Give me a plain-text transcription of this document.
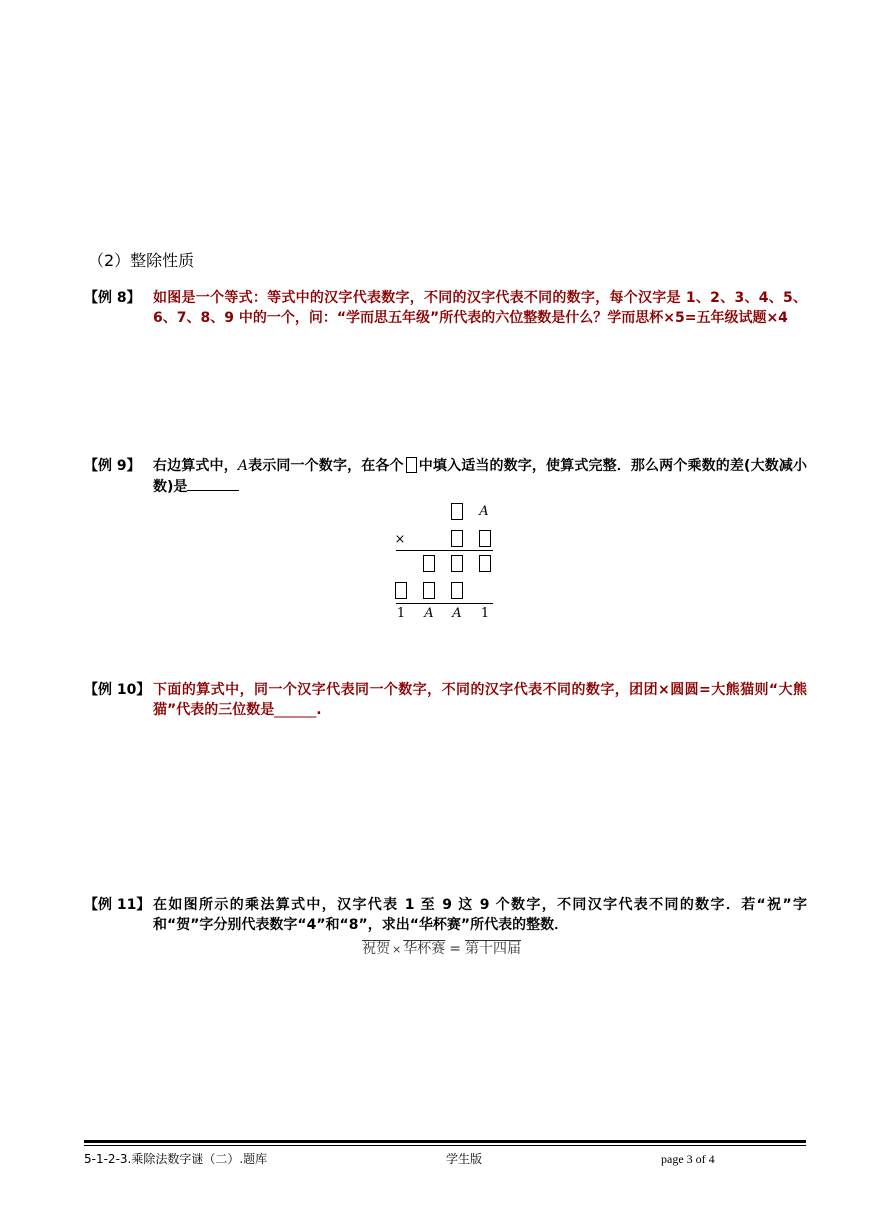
（2）整除性质
【例 8】 如图是一个等式：等式中的汉字代表数字，不同的汉字代表不同的数字，每个汉字是 1、2、3、4、5、6、7、8、9 中的一个，问：“学而思五年级”所代表的六位整数是什么？学而思杯×5=五年级试题×4
【例 9】 右边算式中，A表示同一个数字，在各个 中填入适当的数字，使算式完整．那么两个乘数的差(大数减小数)是
A
×
1 A A 1
【例 10】 下面的算式中，同一个汉字代表同一个数字，不同的汉字代表不同的数字，团团×圆圆=大熊猫则“大熊猫”代表的三位数是______.
【例 11】 在如图所示的乘法算式中，汉字代表 1 至 9 这 9 个数字，不同汉字代表不同的数字．若“祝”字和“贺”字分别代表数字“4”和“8”，求出“华杯赛”所代表的整数．
祝贺 × 华杯赛 = 第十四届
5-1-2-3.乘除法数字谜（二）.题库	学生版	page 3 of 4
